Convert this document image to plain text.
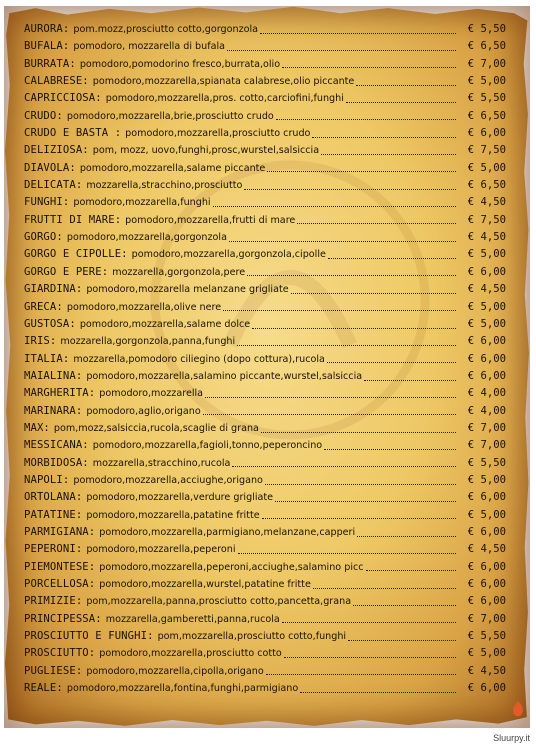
AURORA: pom.mozz,prosciutto cotto,gorgonzola	€ 5,50
BUFALA: pomodoro, mozzarella di bufala	€ 6,50
BURRATA: pomodoro,pomodorino fresco,burrata,olio	€ 7,00
CALABRESE: pomodoro,mozzarella,spianata calabrese,olio piccante	€ 5,00
CAPRICCIOSA: pomodoro,mozzarella,pros. cotto,carciofini,funghi	€ 5,50
CRUDO: pomodoro,mozzarella,brie,prosciutto crudo	€ 6,50
CRUDO E BASTA : pomodoro,mozzarella,prosciutto crudo	€ 6,00
DELIZIOSA: pom, mozz, uovo,funghi,prosc,wurstel,salsiccia	€ 7,50
DIAVOLA: pomodoro,mozzarella,salame piccante	€ 5,00
DELICATA: mozzarella,stracchino,prosciutto	€ 6,50
FUNGHI: pomodoro,mozzarella,funghi	€ 4,50
FRUTTI DI MARE: pomodoro,mozzarella,frutti di mare	€ 7,50
GORGO: pomodoro,mozzarella,gorgonzola	€ 4,50
GORGO E CIPOLLE: pomodoro,mozzarella,gorgonzola,cipolle	€ 5,00
GORGO E PERE: mozzarella,gorgonzola,pere	€ 6,00
GIARDINA: pomodoro,mozzarella melanzane grigliate	€ 4,50
GRECA: pomodoro,mozzarella,olive nere	€ 5,00
GUSTOSA: pomodoro,mozzarella,salame dolce	€ 5,00
IRIS: mozzarella,gorgonzola,panna,funghi	€ 6,00
ITALIA: mozzarella,pomodoro ciliegino (dopo cottura),rucola	€ 6,00
MAIALINA: pomodoro,mozzarella,salamino piccante,wurstel,salsiccia	€ 6,00
MARGHERITA: pomodoro,mozzarella	€ 4,00
MARINARA: pomodoro,aglio,origano	€ 4,00
MAX: pom,mozz,salsiccia,rucola,scaglie di grana	€ 7,00
MESSICANA: pomodoro,mozzarella,fagioli,tonno,peperoncino	€ 7,00
MORBIDOSA: mozzarella,stracchino,rucola	€ 5,50
NAPOLI: pomodoro,mozzarella,acciughe,origano	€ 5,00
ORTOLANA: pomodoro,mozzarella,verdure grigliate	€ 6,00
PATATINE: pomodoro,mozzarella,patatine fritte	€ 5,00
PARMIGIANA: pomodoro,mozzarella,parmigiano,melanzane,capperi	€ 6,00
PEPERONI: pomodoro,mozzarella,peperoni	€ 4,50
PIEMONTESE: pomodoro,mozzarella,peperoni,acciughe,salamino picc	€ 6,00
PORCELLOSA: pomodoro,mozzarella,wurstel,patatine fritte	€ 6,00
PRIMIZIE: pom,mozzarella,panna,prosciutto cotto,pancetta,grana	€ 6,00
PRINCIPESSA: mozzarella,gamberetti,panna,rucola	€ 7,00
PROSCIUTTO E FUNGHI: pom,mozzarella,prosciutto cotto,funghi	€ 5,50
PROSCIUTTO: pomodoro,mozzarella,prosciutto cotto	€ 5,00
PUGLIESE: pomodoro,mozzarella,cipolla,origano	€ 4,50
REALE: pomodoro,mozzarella,fontina,funghi,parmigiano	€ 6,00
Sluurpy.it
